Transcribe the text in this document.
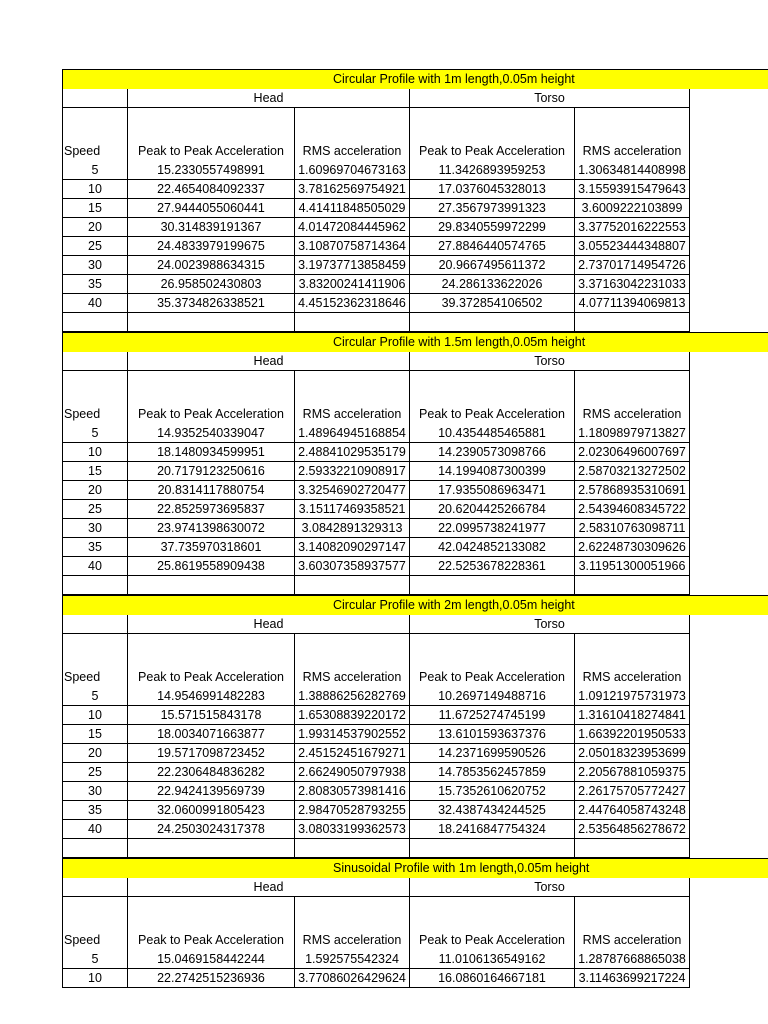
Circular Profile with 1m length,0.05m height
Head	Torso
Speed	Peak to Peak Acceleration	RMS acceleration	Peak to Peak Acceleration	RMS acceleration
5	15.2330557498991	1.60969704673163	11.3426893959253	1.30634814408998
10	22.4654084092337	3.78162569754921	17.0376045328013	3.15593915479643
15	27.9444055060441	4.41411848505029	27.3567973991323	3.6009222103899
20	30.314839191367	4.01472084445962	29.8340559972299	3.37752016222553
25	24.4833979199675	3.10870758714364	27.8846440574765	3.05523444348807
30	24.0023988634315	3.19737713858459	20.9667495611372	2.73701714954726
35	26.958502430803	3.83200241411906	24.286133622026	3.37163042231033
40	35.3734826338521	4.45152362318646	39.372854106502	4.07711394069813
Circular Profile with 1.5m length,0.05m height
Head	Torso
Speed	Peak to Peak Acceleration	RMS acceleration	Peak to Peak Acceleration	RMS acceleration
5	14.9352540339047	1.48964945168854	10.4354485465881	1.18098979713827
10	18.1480934599951	2.48841029535179	14.2390573098766	2.02306496007697
15	20.7179123250616	2.59332210908917	14.1994087300399	2.58703213272502
20	20.8314117880754	3.32546902720477	17.9355086963471	2.57868935310691
25	22.8525973695837	3.15117469358521	20.6204425266784	2.54394608345722
30	23.9741398630072	3.0842891329313	22.0995738241977	2.58310763098711
35	37.735970318601	3.14082090297147	42.0424852133082	2.62248730309626
40	25.8619558909438	3.60307358937577	22.5253678228361	3.11951300051966
Circular Profile with 2m length,0.05m height
Head	Torso
Speed	Peak to Peak Acceleration	RMS acceleration	Peak to Peak Acceleration	RMS acceleration
5	14.9546991482283	1.38886256282769	10.2697149488716	1.09121975731973
10	15.571515843178	1.65308839220172	11.6725274745199	1.31610418274841
15	18.0034071663877	1.99314537902552	13.6101593637376	1.66392201950533
20	19.5717098723452	2.45152451679271	14.2371699590526	2.05018323953699
25	22.2306484836282	2.66249050797938	14.7853562457859	2.20567881059375
30	22.9424139569739	2.80830573981416	15.7352610620752	2.26175705772427
35	32.0600991805423	2.98470528793255	32.4387434244525	2.44764058743248
40	24.2503024317378	3.08033199362573	18.2416847754324	2.53564856278672
Sinusoidal Profile with 1m length,0.05m height
Head	Torso
Speed	Peak to Peak Acceleration	RMS acceleration	Peak to Peak Acceleration	RMS acceleration
5	15.0469158442244	1.592575542324	11.0106136549162	1.28787668865038
10	22.2742515236936	3.77086026429624	16.0860164667181	3.11463699217224
